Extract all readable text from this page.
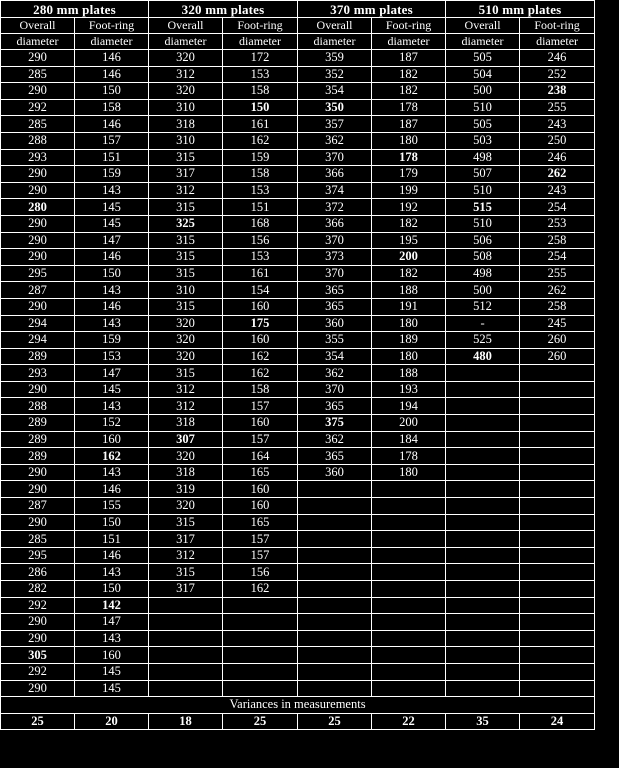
280 mm plates		320 mm plates		370 mm plates		510 mm plates	
Overall	Foot-ring	Overall	Foot-ring	Overall	Foot-ring	Overall	Foot-ring
diameter	diameter	diameter	diameter	diameter	diameter	diameter	diameter
290	146	320	172	359	187	505	246
285	146	312	153	352	182	504	252
290	150	320	158	354	182	500	238
292	158	310	150	350	178	510	255
285	146	318	161	357	187	505	243
288	157	310	162	362	180	503	250
293	151	315	159	370	178	498	246
290	159	317	158	366	179	507	262
290	143	312	153	374	199	510	243
280	145	315	151	372	192	515	254
290	145	325	168	366	182	510	253
290	147	315	156	370	195	506	258
290	146	315	153	373	200	508	254
295	150	315	161	370	182	498	255
287	143	310	154	365	188	500	262
290	146	315	160	365	191	512	258
294	143	320	175	360	180	-	245
294	159	320	160	355	189	525	260
289	153	320	162	354	180	480	260
293	147	315	162	362	188		
290	145	312	158	370	193		
288	143	312	157	365	194		
289	152	318	160	375	200		
289	160	307	157	362	184		
289	162	320	164	365	178		
290	143	318	165	360	180		
290	146	319	160				
287	155	320	160				
290	150	315	165				
285	151	317	157				
295	146	312	157				
286	143	315	156				
282	150	317	162				
292	142						
290	147						
290	143						
305	160						
292	145						
290	145						
Variances in measurements							
25	20	18	25	25	22	35	24
